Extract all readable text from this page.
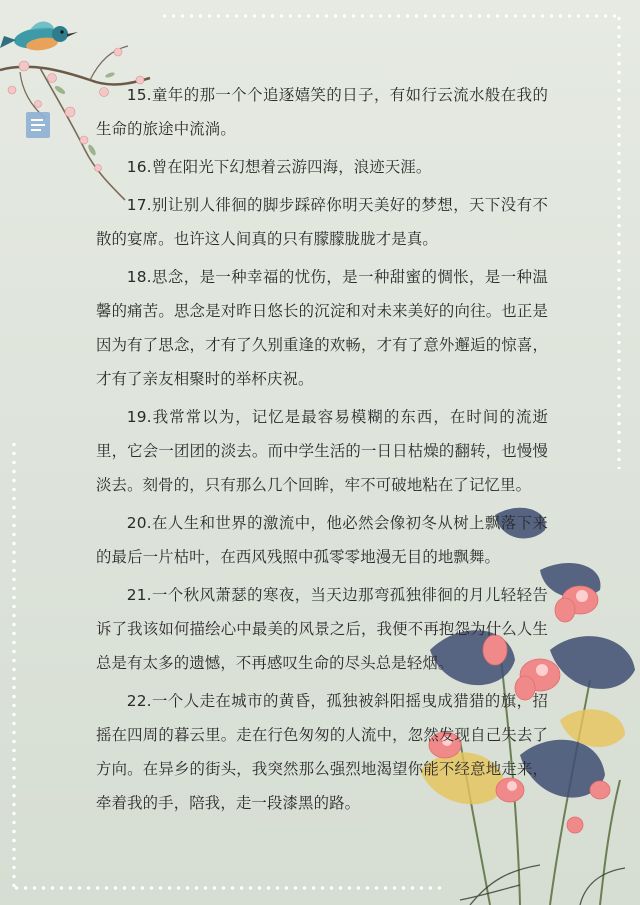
15.童年的那一个个追逐嬉笑的日子，有如行云流水般在我的生命的旅途中流淌。

16.曾在阳光下幻想着云游四海，浪迹天涯。

17.别让别人徘徊的脚步踩碎你明天美好的梦想，天下没有不散的宴席。也许这人间真的只有朦朦胧胧才是真。

18.思念，是一种幸福的忧伤，是一种甜蜜的惆怅，是一种温馨的痛苦。思念是对昨日悠长的沉淀和对未来美好的向往。也正是因为有了思念，才有了久别重逢的欢畅，才有了意外邂逅的惊喜，才有了亲友相聚时的举杯庆祝。

19.我常常以为，记忆是最容易模糊的东西，在时间的流逝里，它会一团团的淡去。而中学生活的一日日枯燥的翻转，也慢慢淡去。刻骨的，只有那么几个回眸，牢不可破地粘在了记忆里。

20.在人生和世界的激流中，他必然会像初冬从树上飘落下来的最后一片枯叶，在西风残照中孤零零地漫无目的地飘舞。

21.一个秋风萧瑟的寒夜，当天边那弯孤独徘徊的月儿轻轻告诉了我该如何描绘心中最美的风景之后，我便不再抱怨为什么人生总是有太多的遗憾，不再感叹生命的尽头总是轻烟。

22.一个人走在城市的黄昏，孤独被斜阳摇曳成猎猎的旗，招摇在四周的暮云里。走在行色匆匆的人流中，忽然发现自己失去了方向。在异乡的街头，我突然那么强烈地渴望你能不经意地走来，牵着我的手，陪我，走一段漆黑的路。
